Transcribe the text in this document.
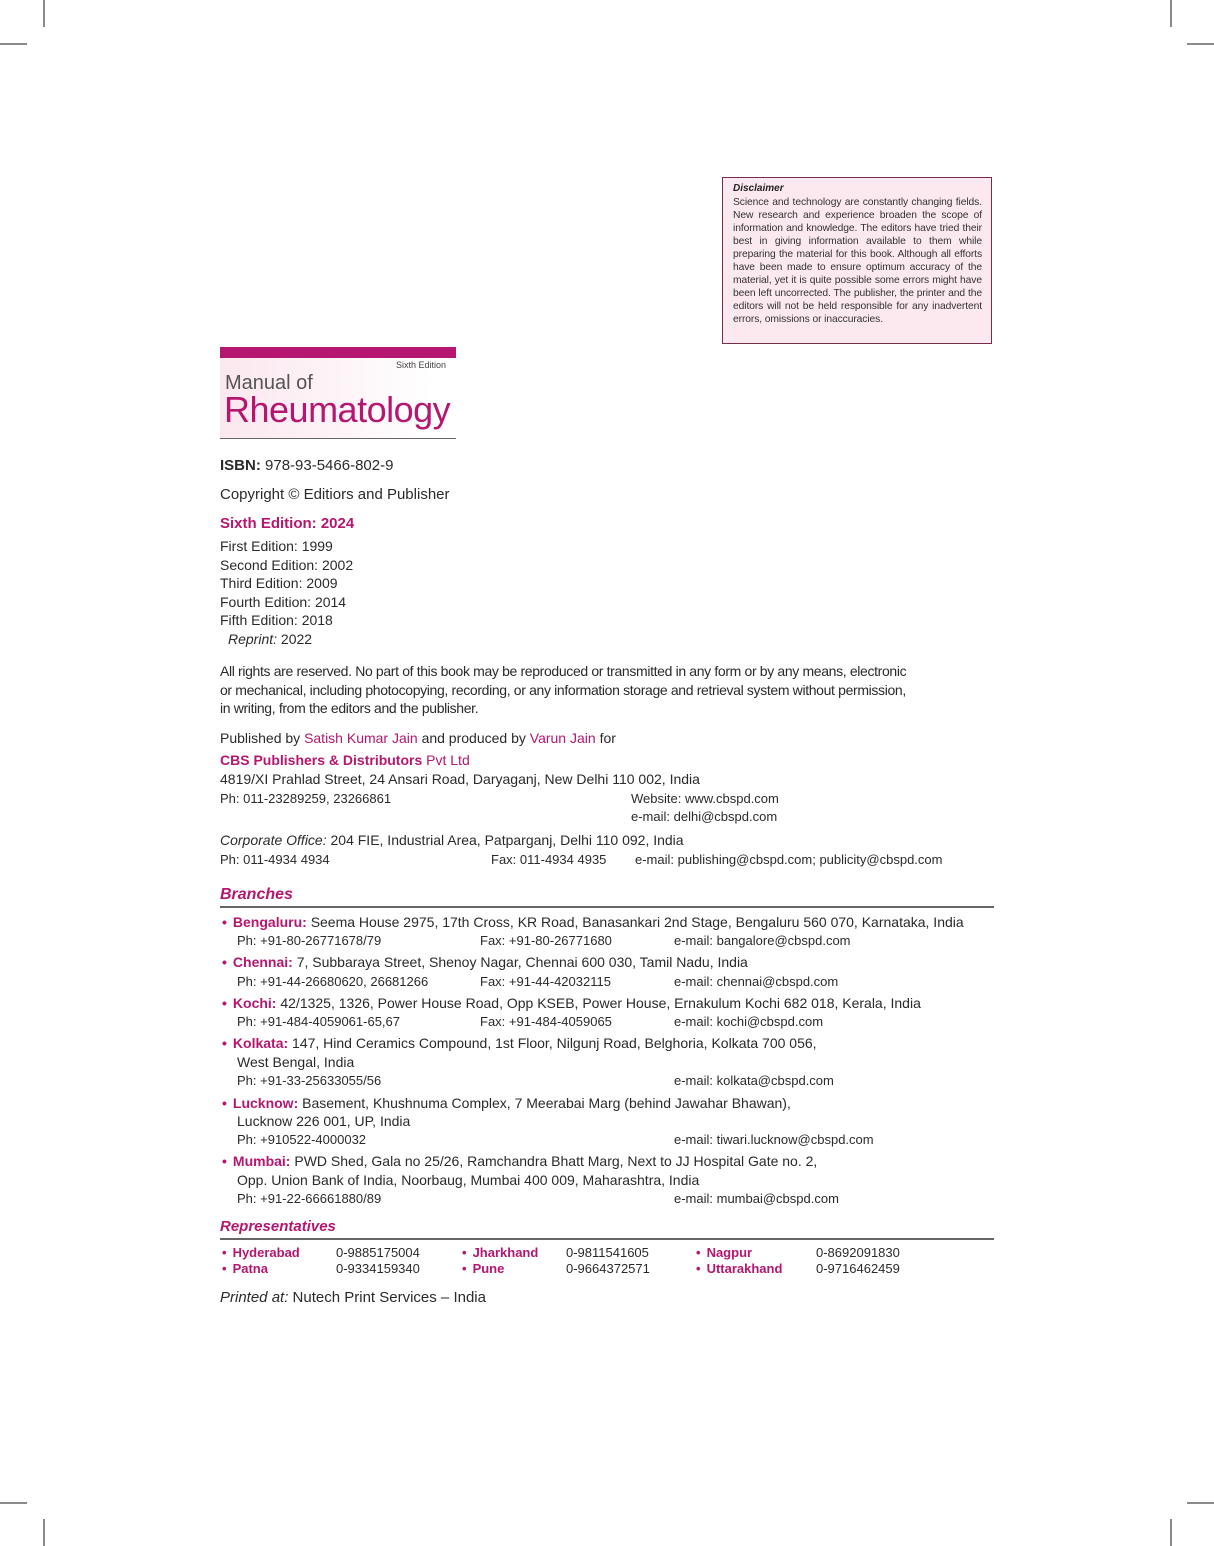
Disclaimer
Science and technology are constantly changing fields. New research and experience broaden the scope of information and knowledge. The editors have tried their best in giving information available to them while preparing the material for this book. Although all efforts have been made to ensure optimum accuracy of the material, yet it is quite possible some errors might have been left uncorrected. The publisher, the printer and the editors will not be held responsible for any inadvertent errors, omissions or inaccuracies.
Sixth Edition
Manual of
Rheumatology
ISBN: 978-93-5466-802-9
Copyright © Editiors and Publisher
Sixth Edition: 2024
First Edition: 1999
Second Edition: 2002
Third Edition: 2009
Fourth Edition: 2014
Fifth Edition: 2018
Reprint: 2022
All rights are reserved. No part of this book may be reproduced or transmitted in any form or by any means, electronic
or mechanical, including photocopying, recording, or any information storage and retrieval system without permission,
in writing, from the editors and the publisher.
Published by Satish Kumar Jain and produced by Varun Jain for
CBS Publishers & Distributors Pvt Ltd
4819/XI Prahlad Street, 24 Ansari Road, Daryaganj, New Delhi 110 002, India
Ph: 011-23289259, 23266861	Website: www.cbspd.com
e-mail: delhi@cbspd.com
Corporate Office: 204 FIE, Industrial Area, Patparganj, Delhi 110 092, India
Ph: 011-4934 4934	Fax: 011-4934 4935 e-mail: publishing@cbspd.com; publicity@cbspd.com
Branches
• Bengaluru: Seema House 2975, 17th Cross, KR Road, Banasankari 2nd Stage, Bengaluru 560 070, Karnataka, India
Ph: +91-80-26771678/79	Fax: +91-80-26771680	e-mail: bangalore@cbspd.com
• Chennai: 7, Subbaraya Street, Shenoy Nagar, Chennai 600 030, Tamil Nadu, India
Ph: +91-44-26680620, 26681266	Fax: +91-44-42032115	e-mail: chennai@cbspd.com
• Kochi: 42/1325, 1326, Power House Road, Opp KSEB, Power House, Ernakulum Kochi 682 018, Kerala, India
Ph: +91-484-4059061-65,67	Fax: +91-484-4059065	e-mail: kochi@cbspd.com
• Kolkata: 147, Hind Ceramics Compound, 1st Floor, Nilgunj Road, Belghoria, Kolkata 700 056,
West Bengal, India
Ph: +91-33-25633055/56	e-mail: kolkata@cbspd.com
• Lucknow: Basement, Khushnuma Complex, 7 Meerabai Marg (behind Jawahar Bhawan),
Lucknow 226 001, UP, India
Ph: +910522-4000032	e-mail: tiwari.lucknow@cbspd.com
• Mumbai: PWD Shed, Gala no 25/26, Ramchandra Bhatt Marg, Next to JJ Hospital Gate no. 2,
Opp. Union Bank of India, Noorbaug, Mumbai 400 009, Maharashtra, India
Ph: +91-22-66661880/89	e-mail: mumbai@cbspd.com
Representatives
• Hyderabad	0-9885175004	• Jharkhand 0-9811541605	• Nagpur	0-8692091830
• Patna	0-9334159340	• Pune	0-9664372571	• Uttarakhand	0-9716462459
Printed at: Nutech Print Services – India
